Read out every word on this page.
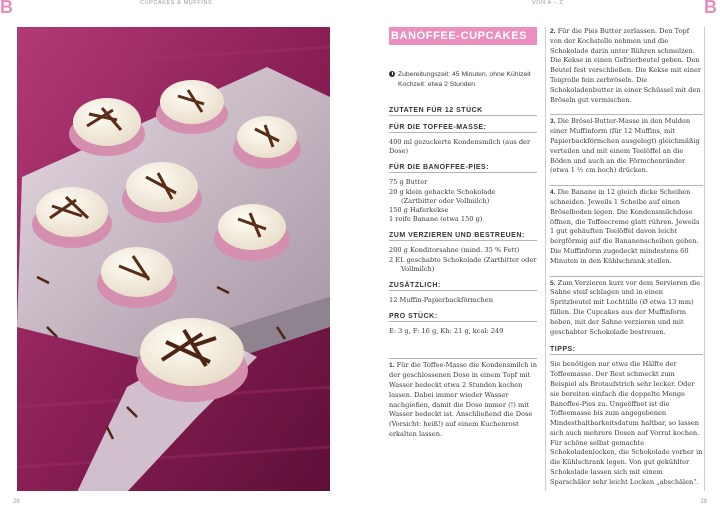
B	CUPCAKES & MUFFINS	VON A – Z	B
BANOFFEE-CUPCAKES
Zubereitungszeit: 45 Minuten, ohne Kühlzeit
Kochzeit: etwa 2 Stunden
ZUTATEN FÜR 12 STÜCK
FÜR DIE TOFFEE-MASSE:
400 ml gezuckerte Kondensmilch (aus der Dose)
FÜR DIE BANOFFEE-PIES:
75 g Butter
20 g klein gehackte Schokolade
(Zartbitter oder Vollmilch)
150 g Haferkekse
1 reife Banane (etwa 150 g)
ZUM VERZIEREN UND BESTREUEN:
200 g Konditorsahne (mind. 35 % Fett)
2 EL geschabte Schokolade (Zartbitter oder
Vollmilch)
ZUSÄTZLICH:
12 Muffin-Papierbackförmchen
PRO STÜCK:
E: 3 g, F: 16 g, Kh: 21 g, kcal: 249
1. Für die Toffee-Masse die Kondensmilch in der geschlossenen Dose in einem Topf mit Wasser bedeckt etwa 2 Stunden kochen lassen. Dabei immer wieder Wasser nachgießen, damit die Dose immer (!) mit Wasser bedeckt ist. Anschließend die Dose (Vorsicht: heiß!) auf einem Kuchenrost erkalten lassen.
2. Für die Pies Butter zerlassen. Den Topf von der Kochstelle nehmen und die Schokolade darin unter Rühren schmelzen. Die Kekse in einen Gefrierbeutel geben. Den Beutel fest verschließen. Die Kekse mit einer Teigrolle fein zerbröseln. Die Schokoladenbutter in einer Schüssel mit den Bröseln gut vermischen.
3. Die Brösel-Butter-Masse in den Mulden einer Muffinform (für 12 Muffins, mit Papierbackförmchen ausgelegt) gleichmäßig verteilen und mit einem Teelöffel an die Böden und auch an die Förmchenränder (etwa 1 ½ cm hoch) drücken.
4. Die Banane in 12 gleich dicke Scheiben schneiden. Jeweils 1 Scheibe auf einen Bröselboden legen. Die Kondensmilchdose öffnen, die Toffeecreme glatt rühren. Jeweils 1 gut gehäuften Teelöffel davon leicht bergförmig auf die Bananenscheiben geben. Die Muffinform zugedeckt mindestens 60 Minuten in den Kühlschrank stellen.
5. Zum Verzieren kurz vor dem Servieren die Sahne steif schlagen und in einen Spritzbeutel mit Lochtülle (Ø etwa 13 mm) füllen. Die Cupcakes aus der Muffinform heben, mit der Sahne verzieren und mit geschabter Schokolade bestreuen.
TIPPS:
Sie benötigen nur etwa die Hälfte der Toffeemasse. Der Rest schmeckt zum Beispiel als Brotaufstrich sehr lecker. Oder sie bereiten einfach die doppelte Menge Banoffee-Pies zu. Ungeöffnet ist die Toffeemasse bis zum angegebenen Mindesthaltbarkeitsdatum haltbar, so lassen sich auch mehrere Dosen auf Vorrat kochen. Für schöne selbst gemachte Schokoladenlocken, die Schokolade vorher in die Kühlschrank legen. Von gut gekühlter Schokolade lassen sich mit einem Sparschäler sehr leicht Locken „abschälen“.
28	29
